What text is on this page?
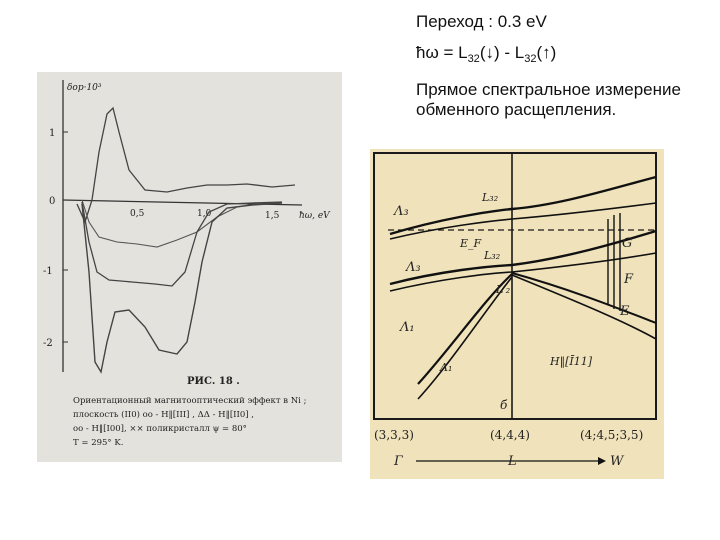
Переход : 0.3 eV

ħω = $L_{32}(↓)$ - $L_{32}(↑)$

Прямое спектральное измерение обменного расщепления.

1
0
-1
-2
δор·10³
0,5	1,0	1,5 ħω, eV
РИС. 18 .
Ориентационный магнитооптический эффект в Ni ;
плоскость (II0) оо - H‖[III] , ΔΔ - H‖[II0] ,
оо - H‖[I00], ×× поликристалл ψ = 80°
T = 295° K.
Λ₃
L₃₂
E_F
L₃₂
Λ₃
L′₂
Λ₁
Λ₁
G
F
E
H‖[Ī11]
б
(3,3,3)	(4,4,4)	(4;4,5;3,5)
Г	L	W
